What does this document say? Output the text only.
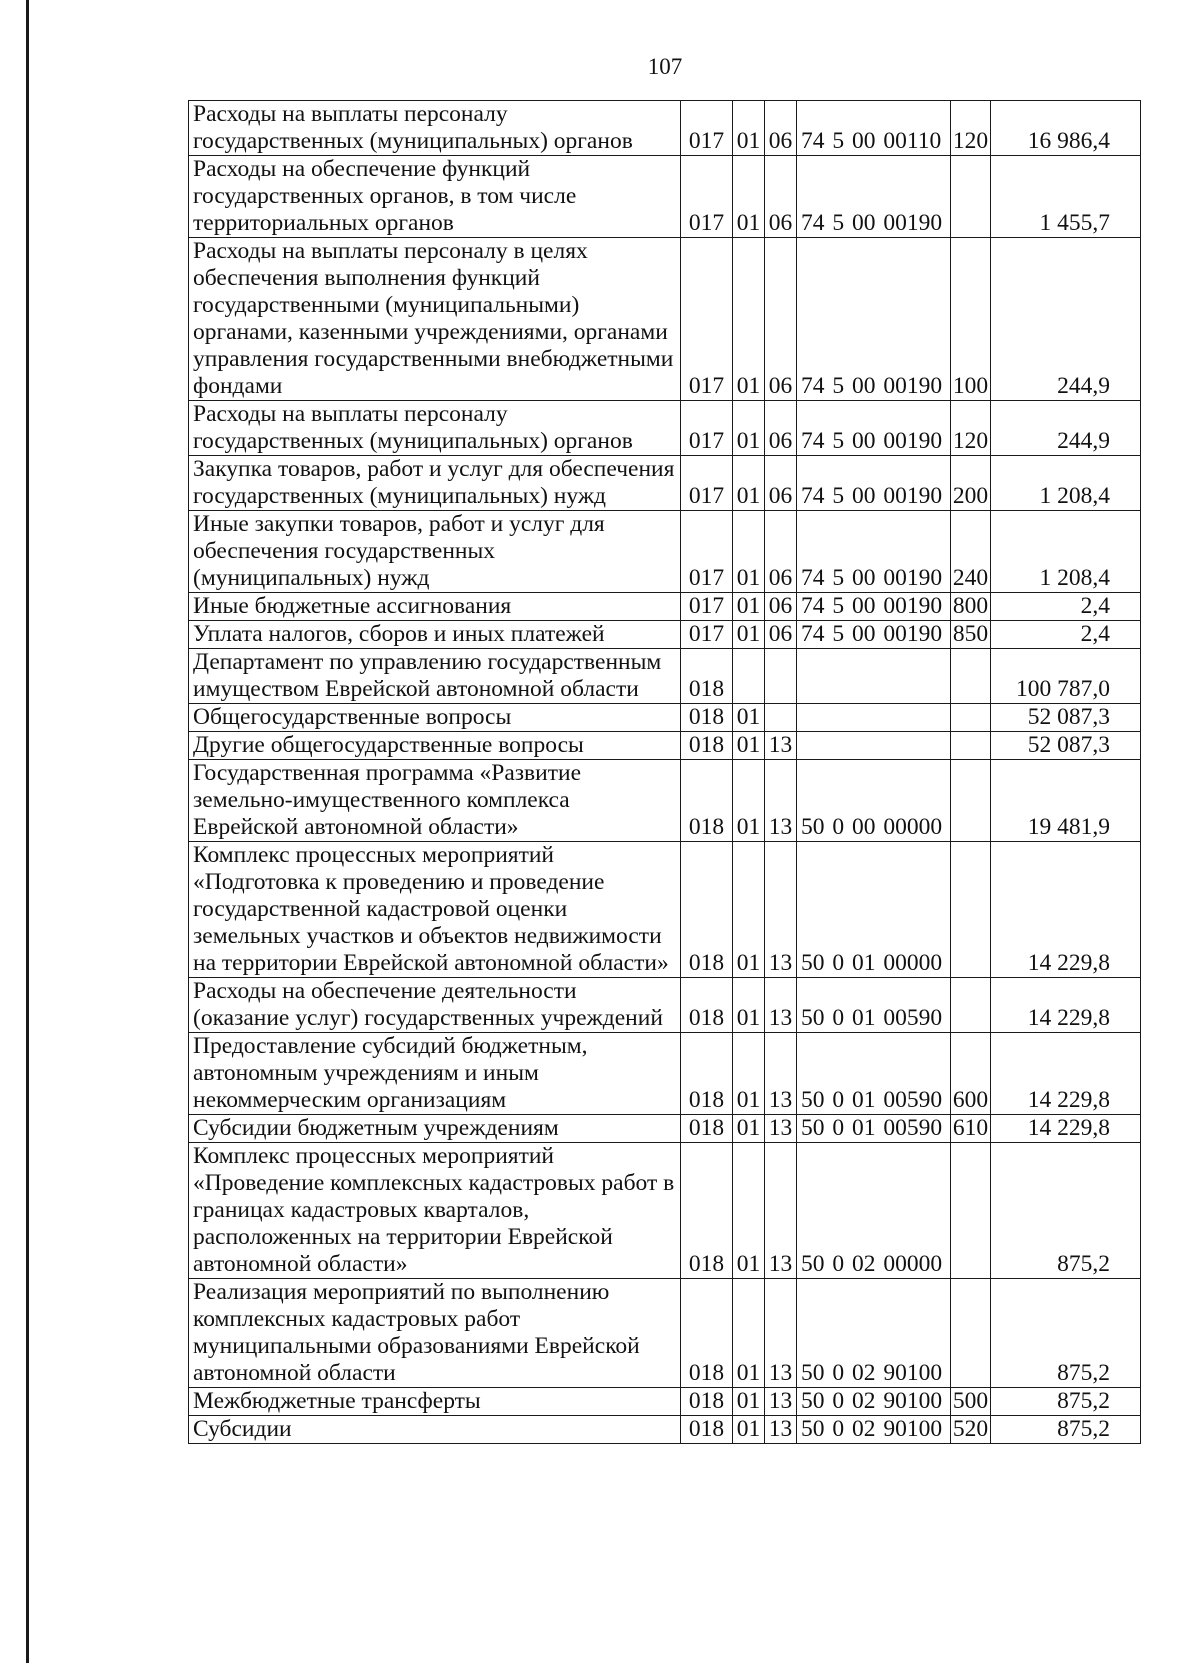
107
Расходы на выплаты персоналу государственных (муниципальных) органов	017	01	06	74 5 00 00110	120	16 986,4
Расходы на обеспечение функций государственных органов, в том числе территориальных органов	017	01	06	74 5 00 00190		1 455,7
Расходы на выплаты персоналу в целях обеспечения выполнения функций государственными (муниципальными) органами, казенными учреждениями, органами управления государственными внебюджетными фондами	017	01	06	74 5 00 00190	100	244,9
Расходы на выплаты персоналу государственных (муниципальных) органов	017	01	06	74 5 00 00190	120	244,9
Закупка товаров, работ и услуг для обеспечения государственных (муниципальных) нужд	017	01	06	74 5 00 00190	200	1 208,4
Иные закупки товаров, работ и услуг для обеспечения государственных (муниципальных) нужд	017	01	06	74 5 00 00190	240	1 208,4
Иные бюджетные ассигнования	017	01	06	74 5 00 00190	800	2,4
Уплата налогов, сборов и иных платежей	017	01	06	74 5 00 00190	850	2,4
Департамент по управлению государственным имуществом Еврейской автономной области	018					100 787,0
Общегосударственные вопросы	018	01				52 087,3
Другие общегосударственные вопросы	018	01	13			52 087,3
Государственная программа «Развитие земельно-имущественного комплекса Еврейской автономной области»	018	01	13	50 0 00 00000		19 481,9
Комплекс процессных мероприятий «Подготовка к проведению и проведение государственной кадастровой оценки земельных участков и объектов недвижимости на территории Еврейской автономной области»	018	01	13	50 0 01 00000		14 229,8
Расходы на обеспечение деятельности (оказание услуг) государственных учреждений	018	01	13	50 0 01 00590		14 229,8
Предоставление субсидий бюджетным, автономным учреждениям и иным некоммерческим организациям	018	01	13	50 0 01 00590	600	14 229,8
Субсидии бюджетным учреждениям	018	01	13	50 0 01 00590	610	14 229,8
Комплекс процессных мероприятий «Проведение комплексных кадастровых работ в границах кадастровых кварталов, расположенных на территории Еврейской автономной области»	018	01	13	50 0 02 00000		875,2
Реализация мероприятий по выполнению комплексных кадастровых работ муниципальными образованиями Еврейской автономной области	018	01	13	50 0 02 90100		875,2
Межбюджетные трансферты	018	01	13	50 0 02 90100	500	875,2
Субсидии	018	01	13	50 0 02 90100	520	875,2
